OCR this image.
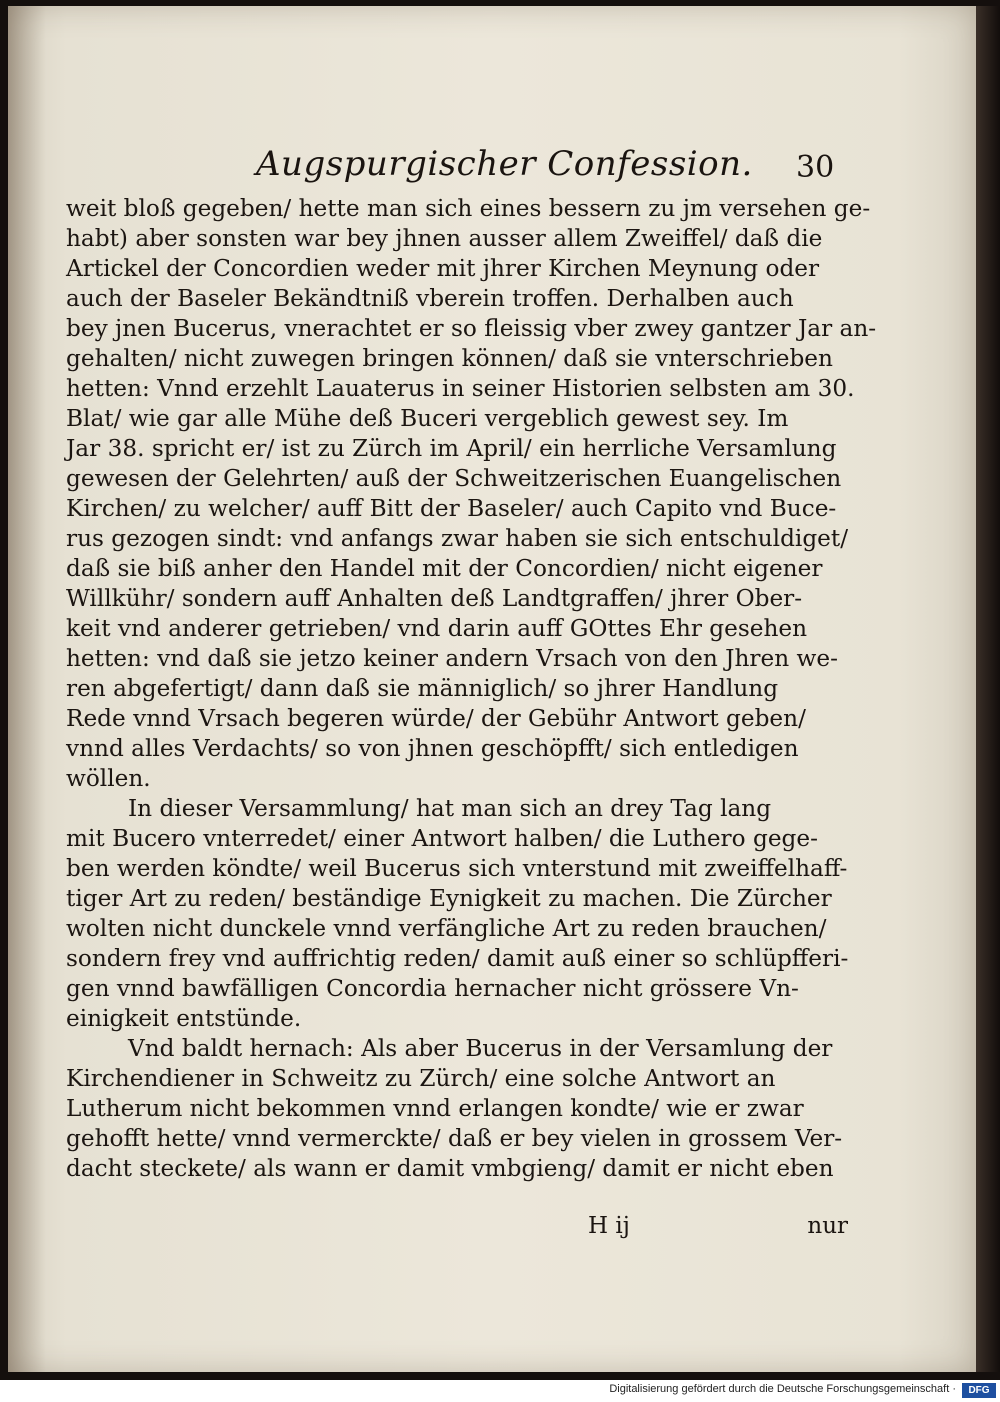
Augspurgischer Confession. 30
weit bloß gegeben/ hette man sich eines bessern zu jm versehen ge-
habt) aber sonsten war bey jhnen ausser allem Zweiffel/ daß die
Artickel der Concordien weder mit jhrer Kirchen Meynung oder
auch der Baseler Bekändtniß vberein troffen. Derhalben auch
bey jnen Bucerus, vnerachtet er so fleissig vber zwey gantzer Jar an-
gehalten/ nicht zuwegen bringen können/ daß sie vnterschrieben
hetten: Vnnd erzehlt Lauaterus in seiner Historien selbsten am 30.
Blat/ wie gar alle Mühe deß Buceri vergeblich gewest sey. Im
Jar 38. spricht er/ ist zu Zürch im April/ ein herrliche Versamlung
gewesen der Gelehrten/ auß der Schweitzerischen Euangelischen
Kirchen/ zu welcher/ auff Bitt der Baseler/ auch Capito vnd Buce-
rus gezogen sindt: vnd anfangs zwar haben sie sich entschuldiget/
daß sie biß anher den Handel mit der Concordien/ nicht eigener
Willkühr/ sondern auff Anhalten deß Landtgraffen/ jhrer Ober-
keit vnd anderer getrieben/ vnd darin auff GOttes Ehr gesehen
hetten: vnd daß sie jetzo keiner andern Vrsach von den Jhren we-
ren abgefertigt/ dann daß sie männiglich/ so jhrer Handlung
Rede vnnd Vrsach begeren würde/ der Gebühr Antwort geben/
vnnd alles Verdachts/ so von jhnen geschöpfft/ sich entledigen
wöllen.
In dieser Versammlung/ hat man sich an drey Tag lang
mit Bucero vnterredet/ einer Antwort halben/ die Luthero gege-
ben werden köndte/ weil Bucerus sich vnterstund mit zweiffelhaff-
tiger Art zu reden/ beständige Eynigkeit zu machen. Die Zürcher
wolten nicht dunckele vnnd verfängliche Art zu reden brauchen/
sondern frey vnd auffrichtig reden/ damit auß einer so schlüpfferi-
gen vnnd bawfälligen Concordia hernacher nicht grössere Vn-
einigkeit entstünde.
Vnd baldt hernach: Als aber Bucerus in der Versamlung der
Kirchendiener in Schweitz zu Zürch/ eine solche Antwort an
Lutherum nicht bekommen vnnd erlangen kondte/ wie er zwar
gehofft hette/ vnnd vermerckte/ daß er bey vielen in grossem Ver-
dacht steckete/ als wann er damit vmbgieng/ damit er nicht eben
H ij	nur
Digitalisierung gefördert durch die Deutsche Forschungsgemeinschaft ·	DFG
